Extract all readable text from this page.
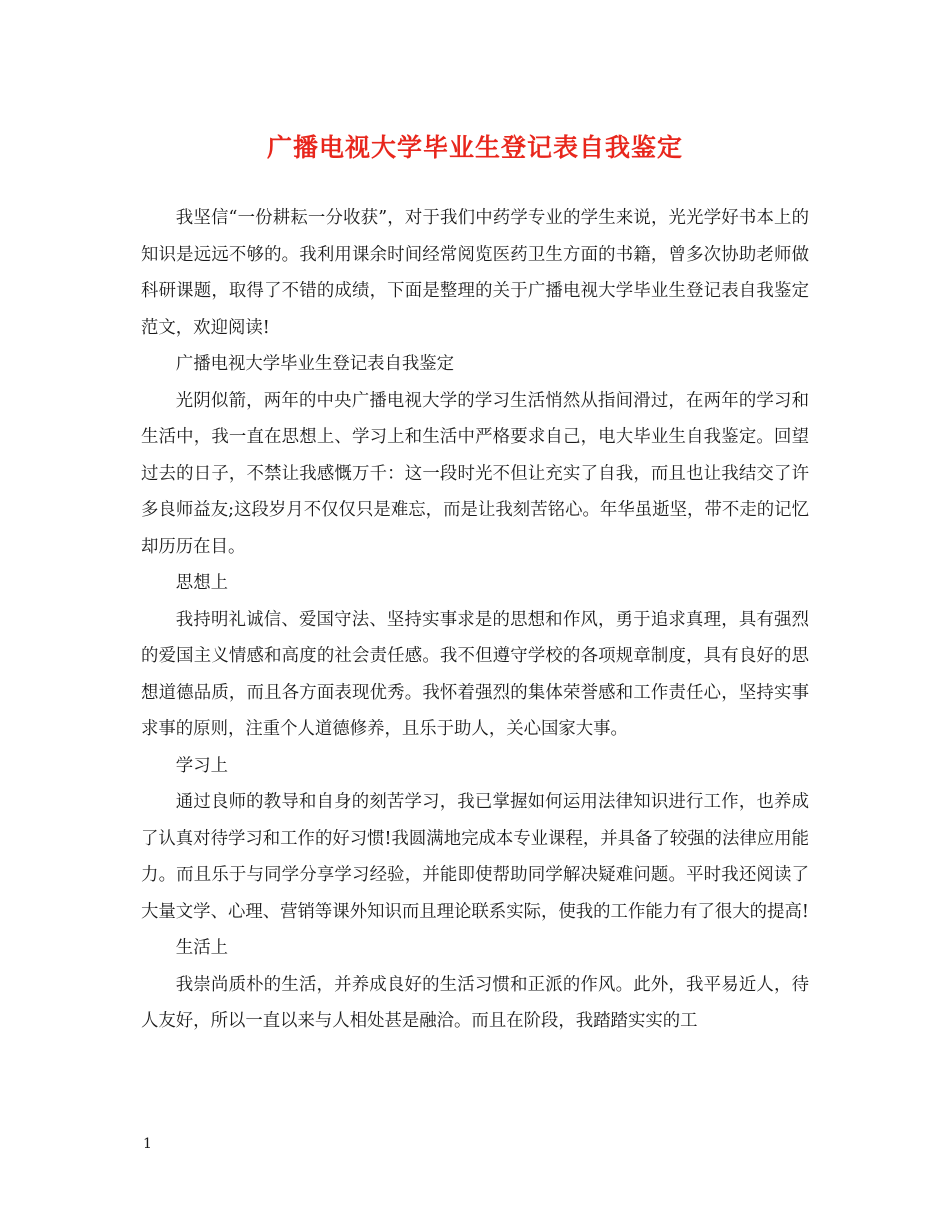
广播电视大学毕业生登记表自我鉴定

我坚信“一份耕耘一分收获”，对于我们中药学专业的学生来说，光光学好书本上的知识是远远不够的。我利用课余时间经常阅览医药卫生方面的书籍，曾多次协助老师做科研课题，取得了不错的成绩，下面是整理的关于广播电视大学毕业生登记表自我鉴定范文，欢迎阅读!

广播电视大学毕业生登记表自我鉴定

光阴似箭，两年的中央广播电视大学的学习生活悄然从指间滑过，在两年的学习和生活中，我一直在思想上、学习上和生活中严格要求自己，电大毕业生自我鉴定。回望过去的日子，不禁让我感慨万千：这一段时光不但让充实了自我，而且也让我结交了许多良师益友;这段岁月不仅仅只是难忘，而是让我刻苦铭心。年华虽逝坚，带不走的记忆却历历在目。

思想上

我持明礼诚信、爱国守法、坚持实事求是的思想和作风，勇于追求真理，具有强烈的爱国主义情感和高度的社会责任感。我不但遵守学校的各项规章制度，具有良好的思想道德品质，而且各方面表现优秀。我怀着强烈的集体荣誉感和工作责任心，坚持实事求事的原则，注重个人道德修养，且乐于助人，关心国家大事。

学习上

通过良师的教导和自身的刻苦学习，我已掌握如何运用法律知识进行工作，也养成了认真对待学习和工作的好习惯!我圆满地完成本专业课程，并具备了较强的法律应用能力。而且乐于与同学分享学习经验，并能即使帮助同学解决疑难问题。平时我还阅读了大量文学、心理、营销等课外知识而且理论联系实际，使我的工作能力有了很大的提高!

生活上

我崇尚质朴的生活，并养成良好的生活习惯和正派的作风。此外，我平易近人，待人友好，所以一直以来与人相处甚是融洽。而且在阶段，我踏踏实实的工

1
